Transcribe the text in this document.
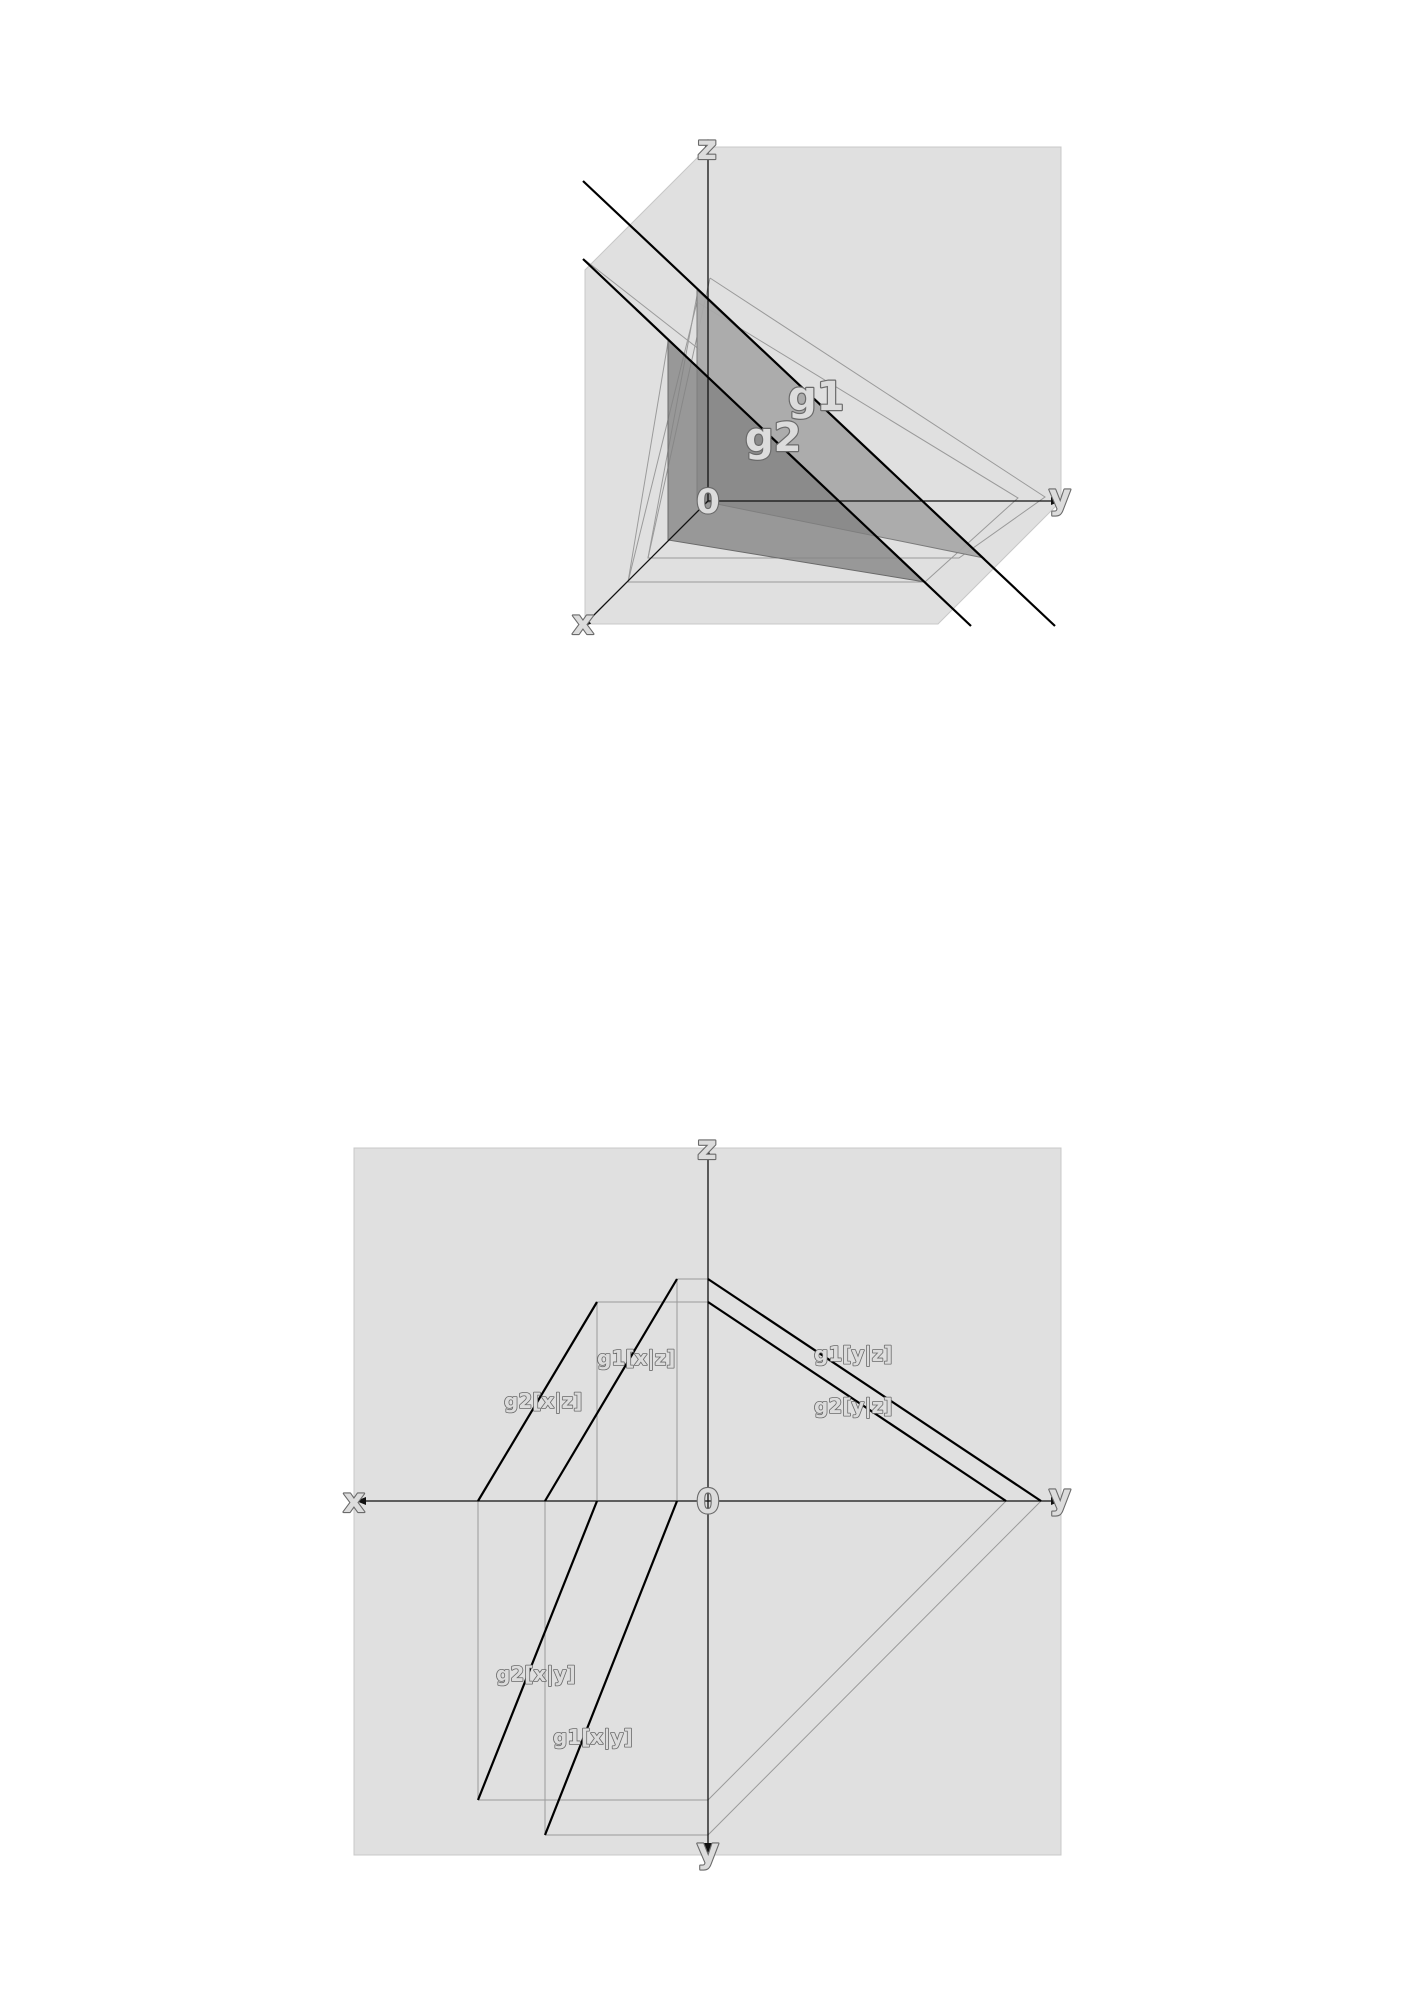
z
y
x
0
g1
g2
z
y
x
y
0
g1[x|z]
g2[x|z]
g1[y|z]
g2[y|z]
g2[x|y]
g1[x|y]
